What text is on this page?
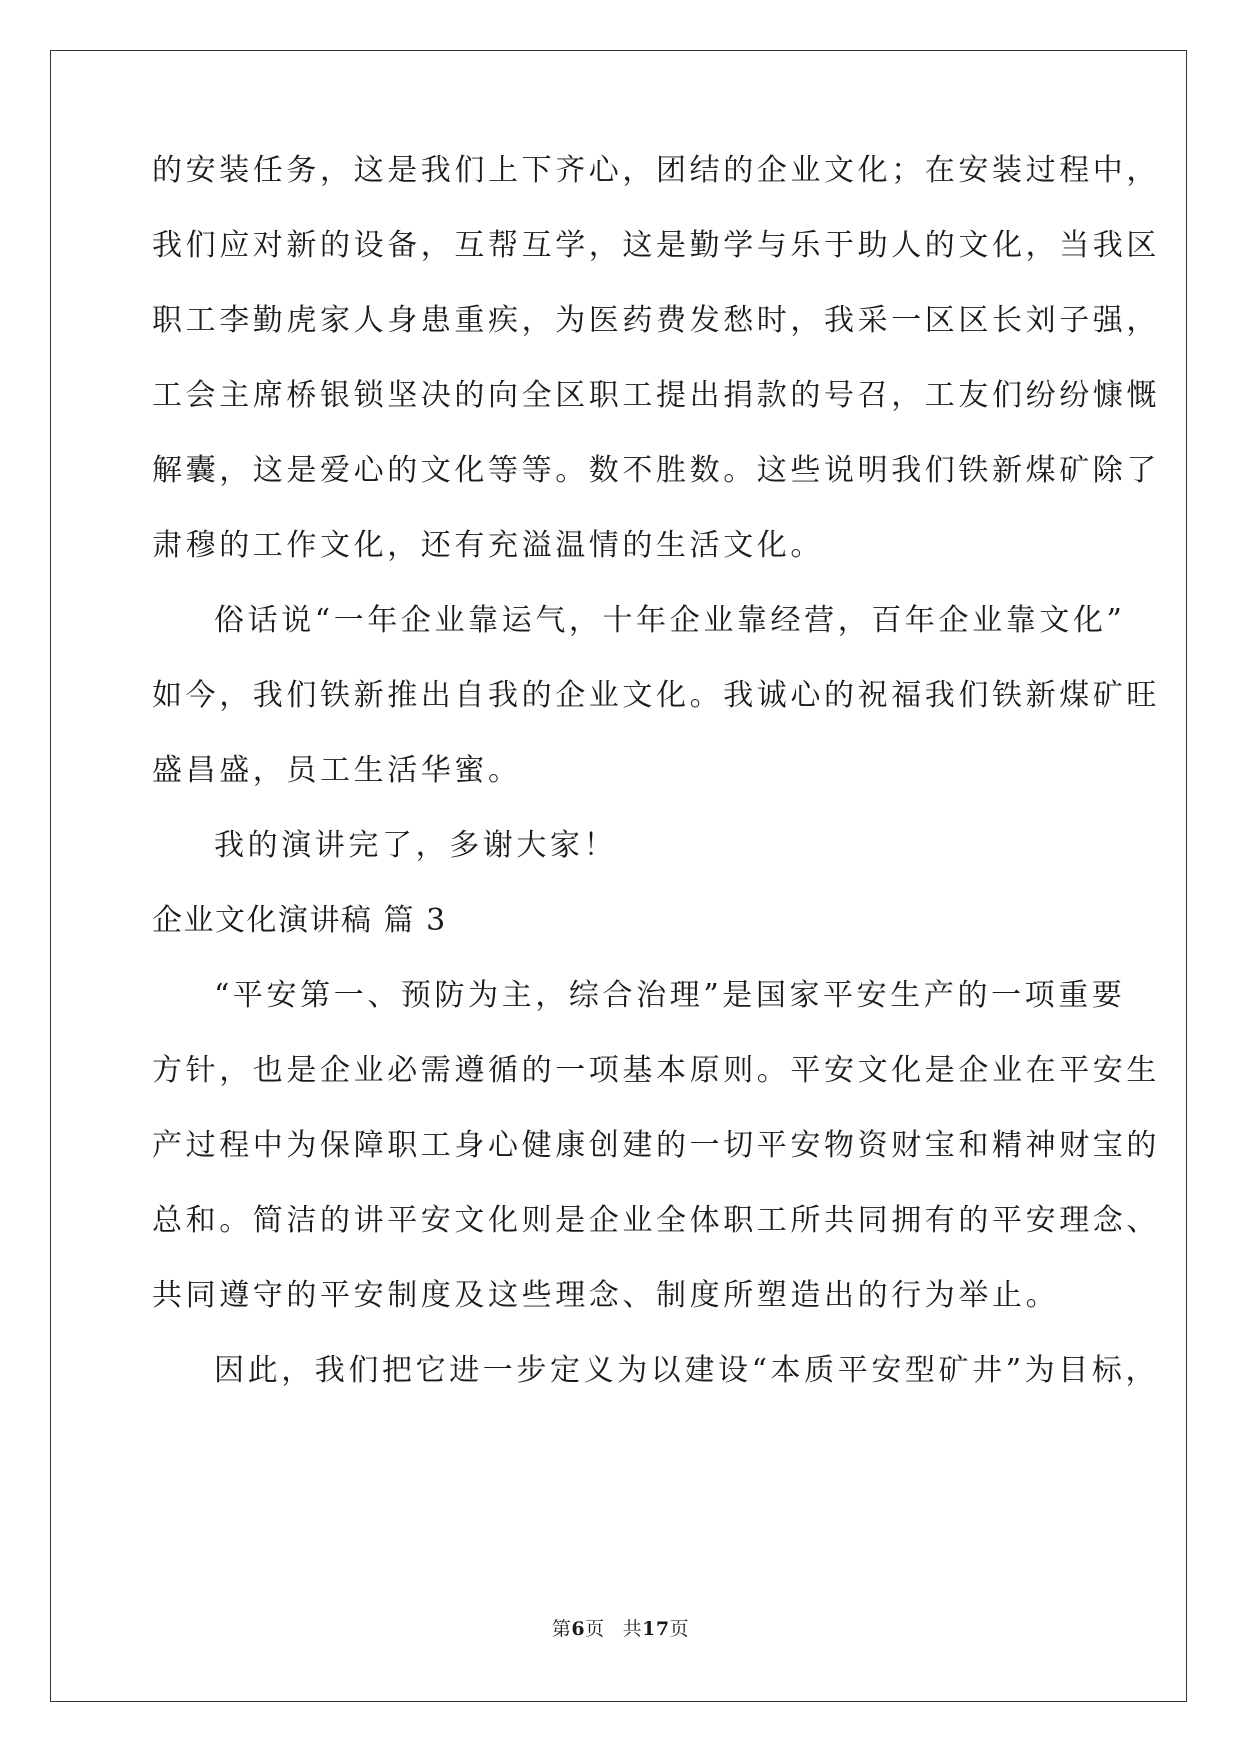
的安装任务，这是我们上下齐心，团结的企业文化；在安装过程中，
我们应对新的设备，互帮互学，这是勤学与乐于助人的文化，当我区
职工李勤虎家人身患重疾，为医药费发愁时，我采一区区长刘子强，
工会主席桥银锁坚决的向全区职工提出捐款的号召，工友们纷纷慷慨
解囊，这是爱心的文化等等。数不胜数。这些说明我们铁新煤矿除了
肃穆的工作文化，还有充溢温情的生活文化。
俗话说“一年企业靠运气，十年企业靠经营，百年企业靠文化”
如今，我们铁新推出自我的企业文化。我诚心的祝福我们铁新煤矿旺
盛昌盛，员工生活华蜜。
我的演讲完了，多谢大家！
企业文化演讲稿 篇 3
“平安第一、预防为主，综合治理”是国家平安生产的一项重要
方针，也是企业必需遵循的一项基本原则。平安文化是企业在平安生
产过程中为保障职工身心健康创建的一切平安物资财宝和精神财宝的
总和。简洁的讲平安文化则是企业全体职工所共同拥有的平安理念、
共同遵守的平安制度及这些理念、制度所塑造出的行为举止。
因此，我们把它进一步定义为以建设“本质平安型矿井”为目标，
第6页 共17页
